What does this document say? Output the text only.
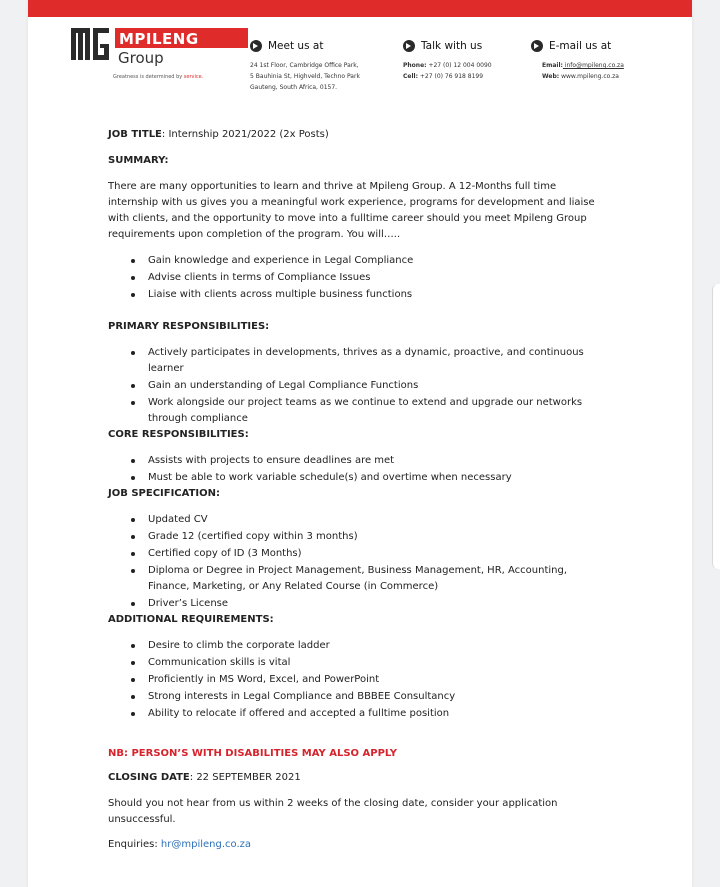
MPILENG
Group
Greatness is determined by service.
Meet us at
24 1st Floor, Cambridge Office Park,
5 Bauhinia St, Highveld, Techno Park
Gauteng, South Africa, 0157.
Talk with us
Phone: +27 (0) 12 004 0090
Cell: +27 (0) 76 918 8199
E-mail us at
Email: info@mpileng.co.za
Web: www.mpileng.co.za
JOB TITLE: Internship 2021/2022 (2x Posts)
SUMMARY:
There are many opportunities to learn and thrive at Mpileng Group. A 12-Months full time
internship with us gives you a meaningful work experience, programs for development and liaise
with clients, and the opportunity to move into a fulltime career should you meet Mpileng Group
requirements upon completion of the program. You will…..
Gain knowledge and experience in Legal Compliance
Advise clients in terms of Compliance Issues
Liaise with clients across multiple business functions
PRIMARY RESPONSIBILITIES:
Actively participates in developments, thrives as a dynamic, proactive, and continuous
learner
Gain an understanding of Legal Compliance Functions
Work alongside our project teams as we continue to extend and upgrade our networks
through compliance
CORE RESPONSIBILITIES:
Assists with projects to ensure deadlines are met
Must be able to work variable schedule(s) and overtime when necessary
JOB SPECIFICATION:
Updated CV
Grade 12 (certified copy within 3 months)
Certified copy of ID (3 Months)
Diploma or Degree in Project Management, Business Management, HR, Accounting,
Finance, Marketing, or Any Related Course (in Commerce)
Driver’s License
ADDITIONAL REQUIREMENTS:
Desire to climb the corporate ladder
Communication skills is vital
Proficiently in MS Word, Excel, and PowerPoint
Strong interests in Legal Compliance and BBBEE Consultancy
Ability to relocate if offered and accepted a fulltime position
NB: PERSON’S WITH DISABILITIES MAY ALSO APPLY
CLOSING DATE: 22 SEPTEMBER 2021
Should you not hear from us within 2 weeks of the closing date, consider your application
unsuccessful.
Enquiries: hr@mpileng.co.za
